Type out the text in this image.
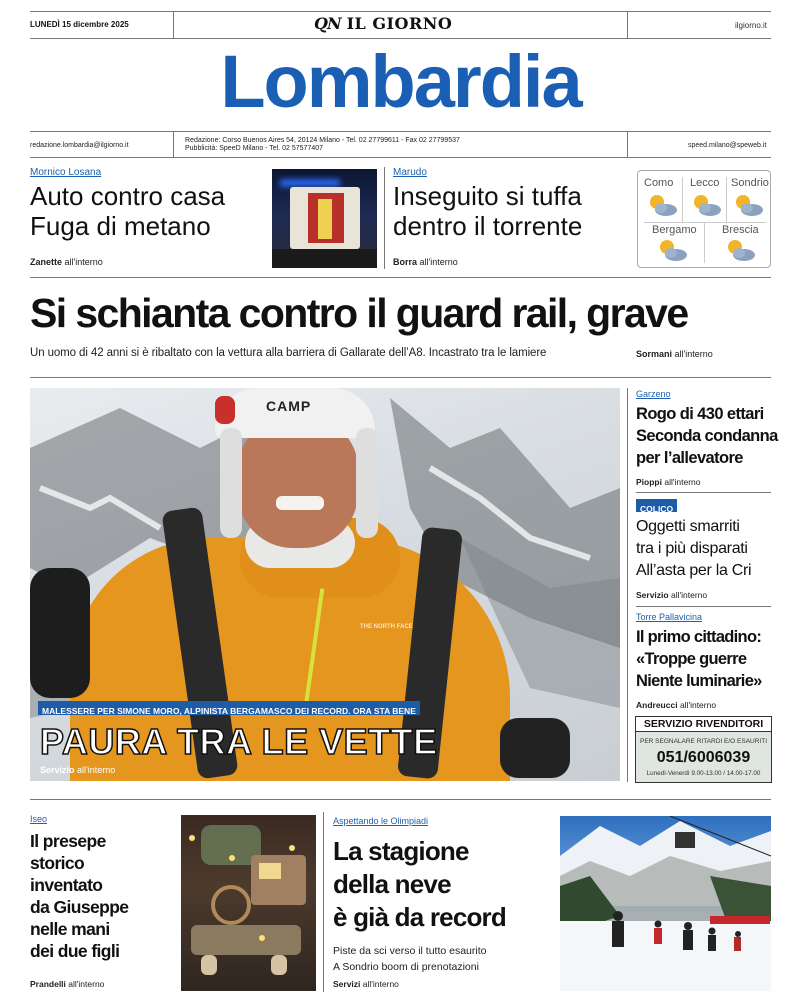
LUNEDÌ 15 dicembre 2025	QN IL GIORNO	ilgiorno.it
Lombardia
redazione.lombardia@ilgiorno.it
Redazione: Corso Buenos Aires 54, 20124 Milano - Tel. 02 27799611 - Fax 02 27799537
Pubblicità: SpeeD Milano - Tel. 02 57577407	speed.milano@speweb.it
Mornico Losana
Auto contro casa
Fuga di metano
Zanette all'interno
Marudo
Inseguito si tuffa
dentro il torrente
Borra all'interno
Como Lecco Sondrio
Bergamo Brescia
Si schianta contro il guard rail, grave
Un uomo di 42 anni si è ribaltato con la vettura alla barriera di Gallarate dell’A8. Incastrato tra le lamiere	Sormani all'interno
CAMP
THE NORTH FACE
MALESSERE PER SIMONE MORO, ALPINISTA BERGAMASCO DEI RECORD. ORA STA BENE
PAURA TRA LE VETTE
Servizio all'interno
Garzeno
Rogo di 430 ettari
Seconda condanna
per l’allevatore
Pioppi all'interno
COLICO
Oggetti smarriti
tra i più disparati
All’asta per la Cri
Servizio all'interno
Torre Pallavicina
Il primo cittadino:
«Troppe guerre
Niente luminarie»
Andreucci all'interno
SERVIZIO RIVENDITORI
PER SEGNALARE RITARDI E/O ESAURITI
051/6006039
Lunedì-Venerdì 9.00-13.00 / 14.00-17.00
Iseo
Il presepe
storico
inventato
da Giuseppe
nelle mani
dei due figli
Prandelli all'interno
Aspettando le Olimpiadi
La stagione
della neve
è già da record
Piste da sci verso il tutto esaurito
A Sondrio boom di prenotazioni
Servizi all'interno
